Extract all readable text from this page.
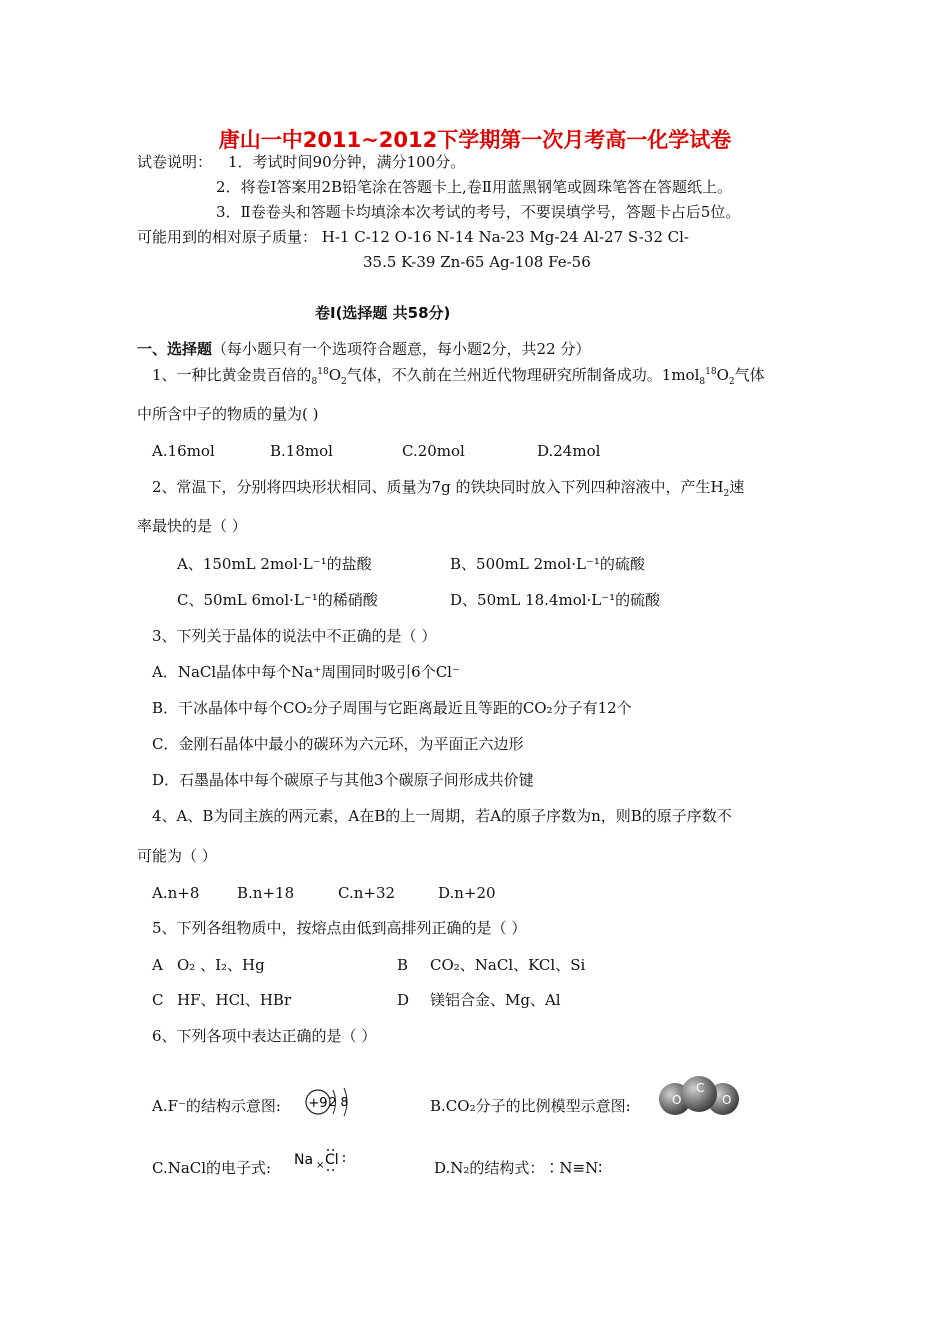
唐山一中2011~2012下学期第一次月考高一化学试卷
试卷说明： 1．考试时间90分钟，满分100分。
2．将卷Ⅰ答案用2B铅笔涂在答题卡上,卷Ⅱ用蓝黑钢笔或圆珠笔答在答题纸上。
3．Ⅱ卷卷头和答题卡均填涂本次考试的考号，不要误填学号，答题卡占后5位。
可能用到的相对原子质量： H-1 C-12 O-16 N-14 Na-23 Mg-24 Al-27 S-32 Cl-
35.5 K-39 Zn-65 Ag-108 Fe-56
卷Ⅰ(选择题 共58分)
一、选择题（每小题只有一个选项符合题意，每小题2分，共22 分）
1、一种比黄金贵百倍的$_8^{18}O_2$气体，不久前在兰州近代物理研究所制备成功。$1mol_8^{18}O_2$气体
中所含中子的物质的量为( )
A.16mol	B.18mol	C.20mol	D.24mol
2、常温下，分别将四块形状相同、质量为7g 的铁块同时放入下列四种溶液中，产生$H_2$速
率最快的是（ ）
A、150mL 2mol·L⁻¹的盐酸	B、500mL 2mol·L⁻¹的硫酸
C、50mL 6mol·L⁻¹的稀硝酸	D、50mL 18.4mol·L⁻¹的硫酸
3、下列关于晶体的说法中不正确的是（ ）
A．NaCl晶体中每个Na⁺周围同时吸引6个Cl⁻
B．干冰晶体中每个CO₂分子周围与它距离最近且等距的CO₂分子有12个
C．金刚石晶体中最小的碳环为六元环，为平面正六边形
D．石墨晶体中每个碳原子与其他3个碳原子间形成共价键
4、A、B为同主族的两元素，A在B的上一周期，若A的原子序数为n，则B的原子序数不
可能为（ ）
A.n+8	B.n+18	C.n+32	D.n+20
5、下列各组物质中，按熔点由低到高排列正确的是（ ）
A O₂ 、I₂、Hg	B CO₂、NaCl、KCl、Si
C HF、HCl、HBr	D 镁铝合金、Mg、Al
6、下列各项中表达正确的是（ ）
A.F⁻的结构示意图: +9 2 8	B.CO₂分子的比例模型示意图:	O
C
O
C.NaCl的电子式: Na × Cl	D.N₂的结构式：∶N≡N∶
